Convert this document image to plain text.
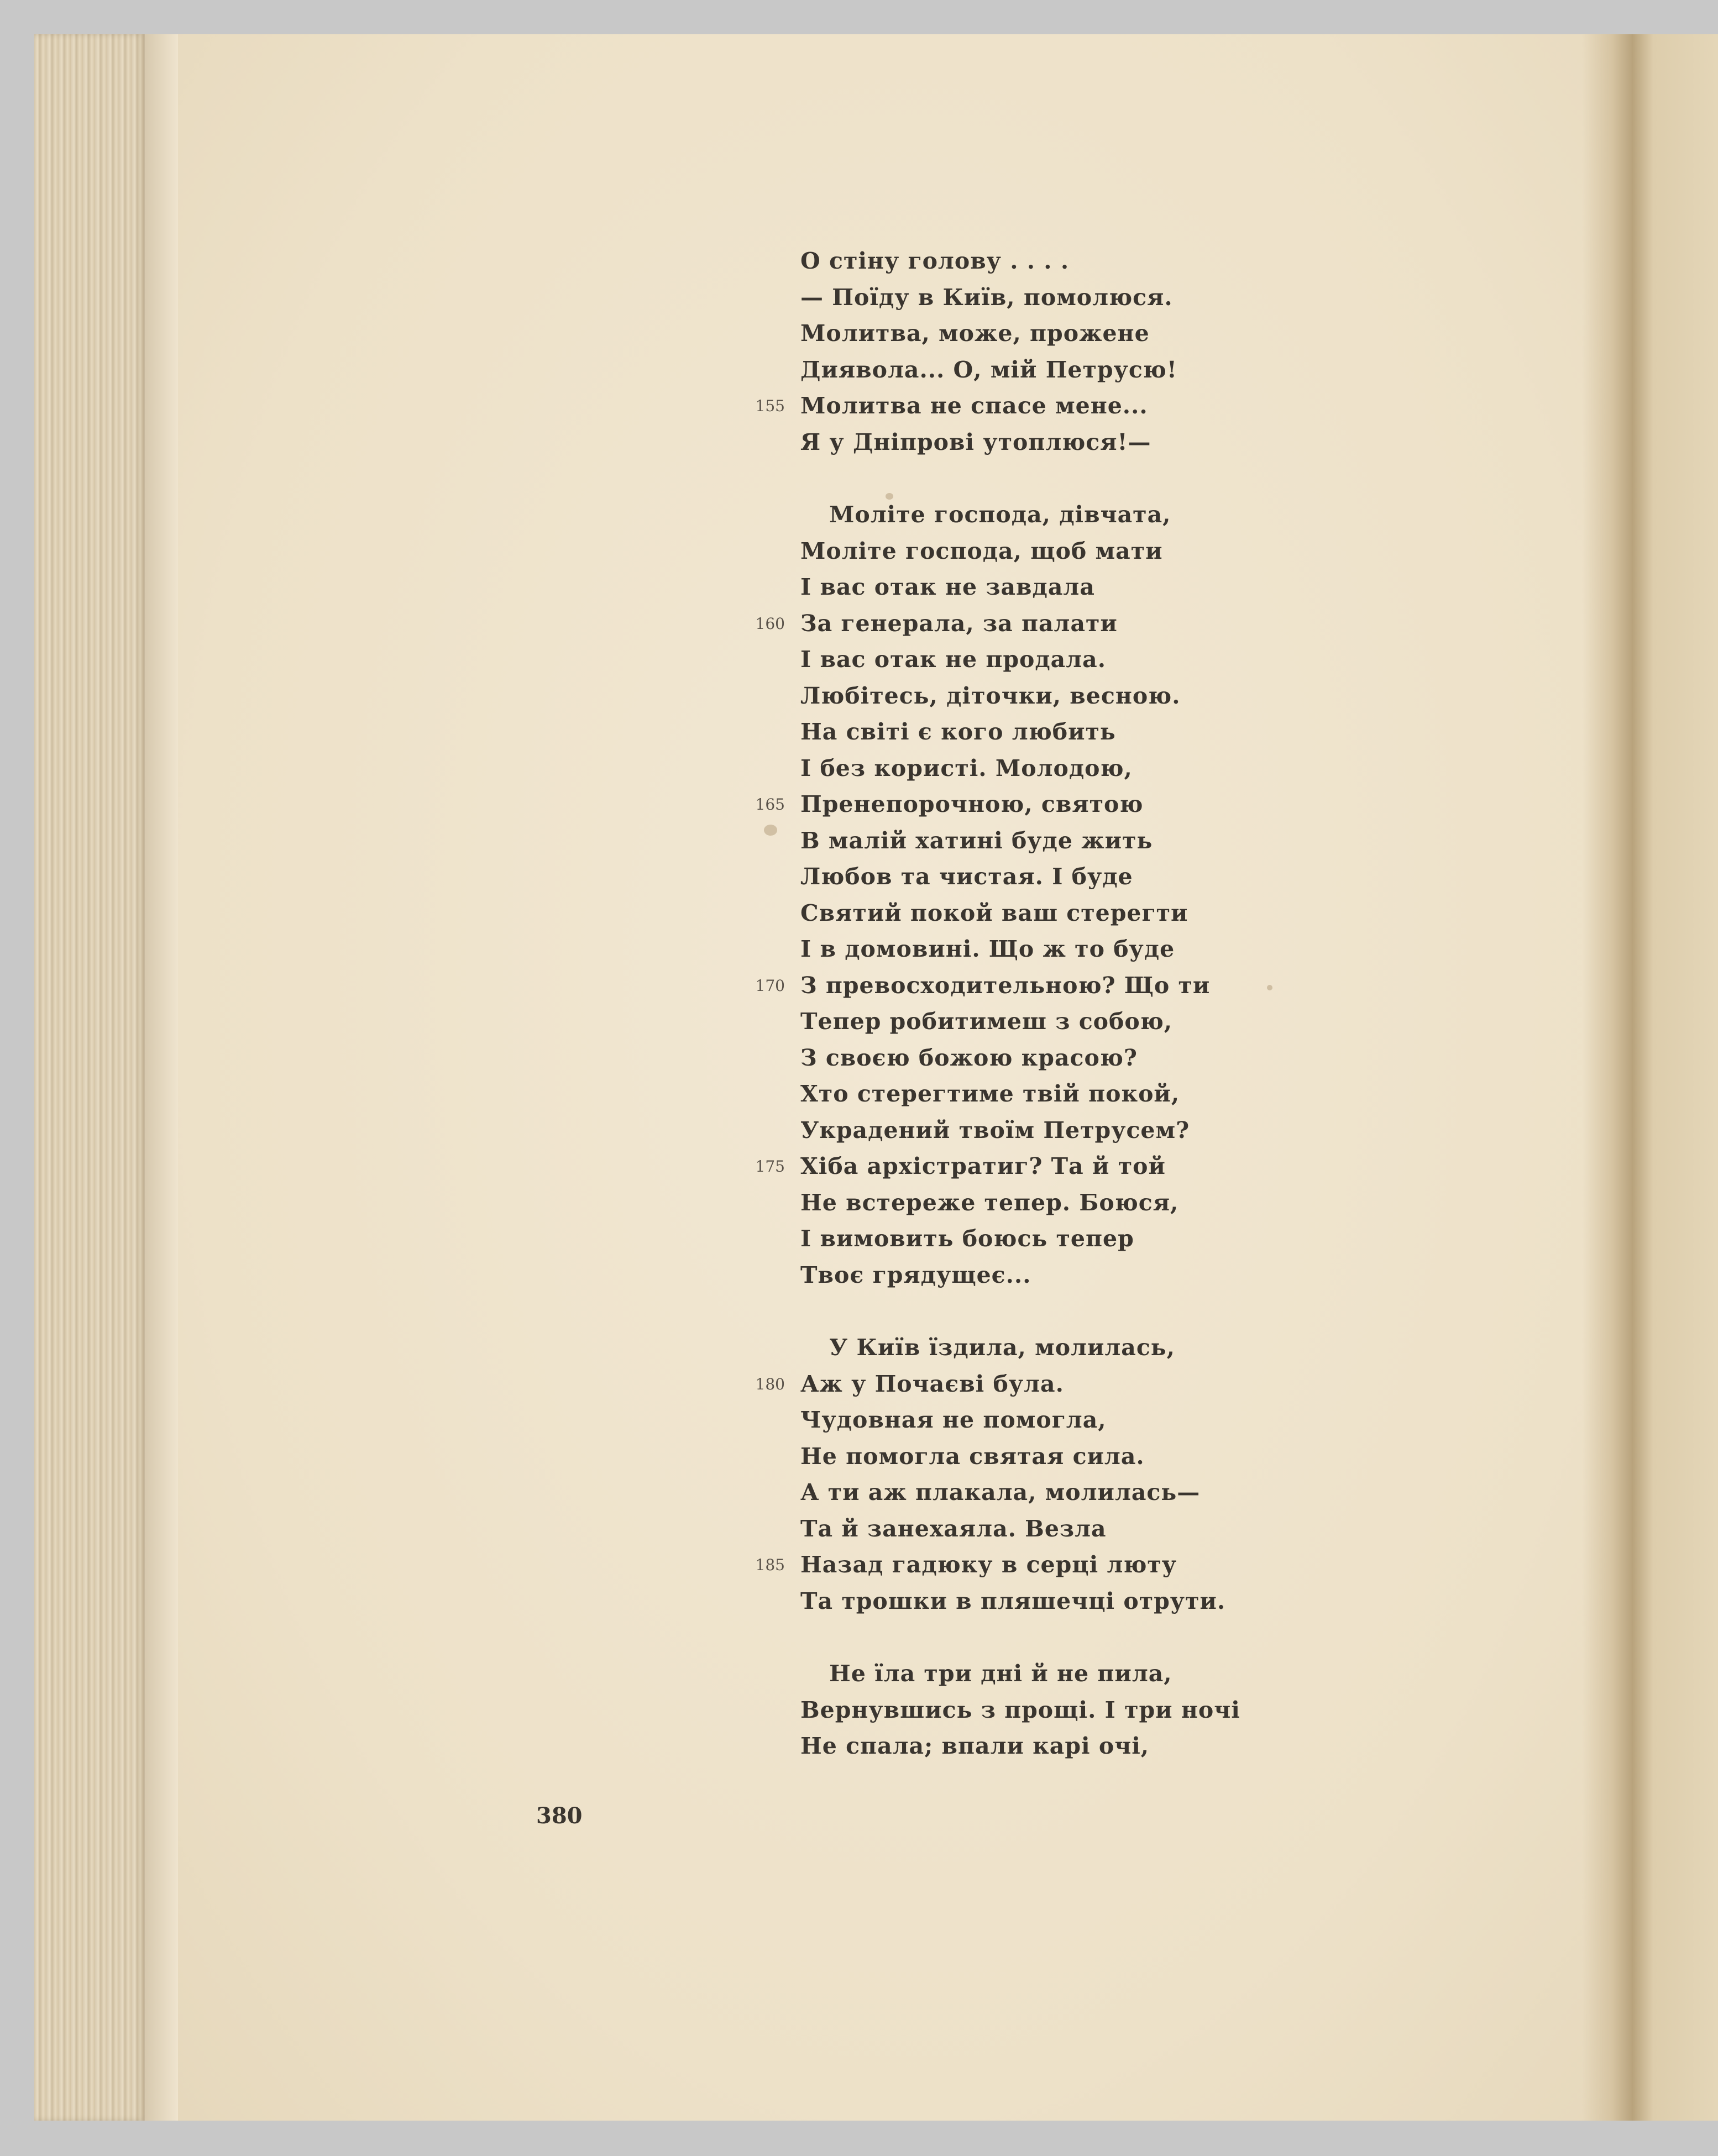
О стіну голову . . . .
— Поїду в Київ, помолюся.
Молитва, може, прожене
Диявола... О, мій Петрусю!
Молитва не спасе мене...
155
Я у Дніпрові утоплюся!—
Моліте господа, дівчата,
Моліте господа, щоб мати
І вас отак не завдала
За генерала, за палати
160
І вас отак не продала.
Любітесь, діточки, весною.
На світі є кого любить
І без користі. Молодою,
Пренепорочною, святою
165
В малій хатині буде жить
Любов та чистая. І буде
Святий покой ваш стерегти
І в домовині. Що ж то буде
З превосходительною? Що ти
170
Тепер робитимеш з собою,
З своєю божою красою?
Хто стерегтиме твій покой,
Украдений твоїм Петрусем?
Хіба архістратиг? Та й той
175
Не встереже тепер. Боюся,
І вимовить боюсь тепер
Твоє грядущеє...
У Київ їздила, молилась,
Аж у Почаєві була.
180
Чудовная не помогла,
Не помогла святая сила.
А ти аж плакала, молилась—
Та й занехаяла. Везла
Назад гадюку в серці люту
185
Та трошки в пляшечці отрути.
Не їла три дні й не пила,
Вернувшись з прощі. І три ночі
Не спала; впали карі очі,
380
